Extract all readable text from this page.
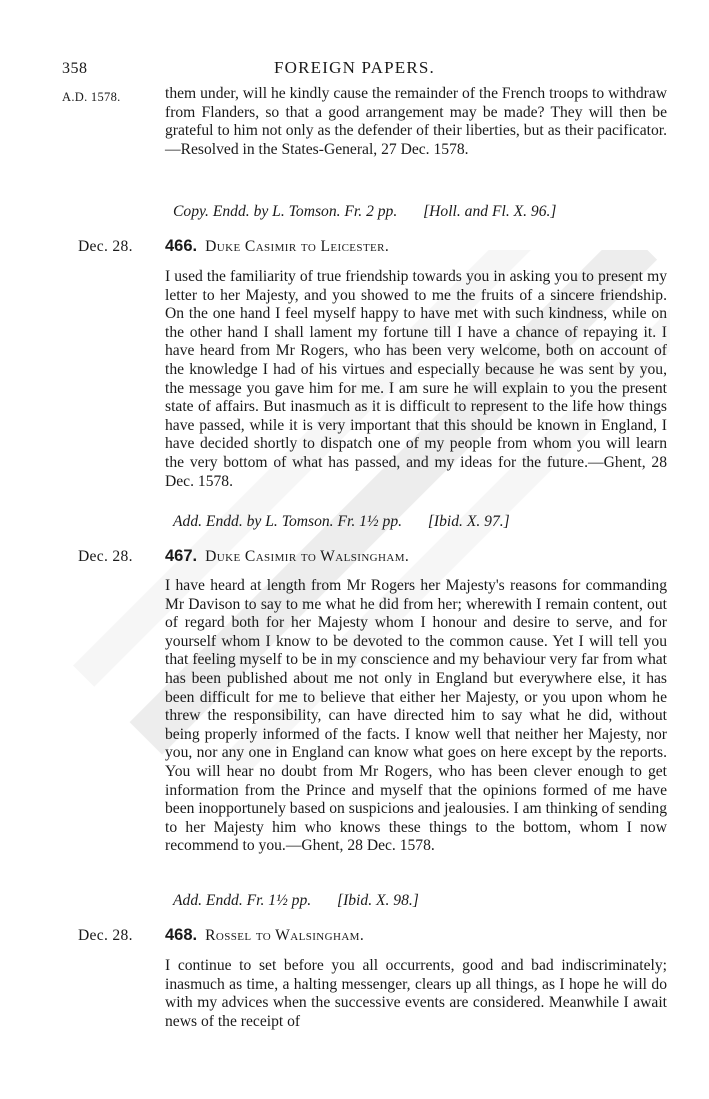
358	FOREIGN PAPERS.
A.D. 1578.	them under, will he kindly cause the remainder of the French troops to withdraw from Flanders, so that a good arrangement may be made? They will then be grateful to him not only as the defender of their liberties, but as their pacificator.—Resolved in the States-General, 27 Dec. 1578.
Copy. Endd. by L. Tomson. Fr. 2 pp. [Holl. and Fl. X. 96.]
Dec. 28. 466. Duke Casimir to Leicester.
I used the familiarity of true friendship towards you in asking you to present my letter to her Majesty, and you showed to me the fruits of a sincere friendship. On the one hand I feel myself happy to have met with such kindness, while on the other hand I shall lament my fortune till I have a chance of repaying it. I have heard from Mr Rogers, who has been very welcome, both on account of the knowledge I had of his virtues and especially because he was sent by you, the message you gave him for me. I am sure he will explain to you the present state of affairs. But inasmuch as it is difficult to represent to the life how things have passed, while it is very important that this should be known in England, I have decided shortly to dispatch one of my people from whom you will learn the very bottom of what has passed, and my ideas for the future.—Ghent, 28 Dec. 1578.
Add. Endd. by L. Tomson. Fr. 1½ pp. [Ibid. X. 97.]
Dec. 28. 467. Duke Casimir to Walsingham.
I have heard at length from Mr Rogers her Majesty's reasons for commanding Mr Davison to say to me what he did from her; wherewith I remain content, out of regard both for her Majesty whom I honour and desire to serve, and for yourself whom I know to be devoted to the common cause. Yet I will tell you that feeling myself to be in my conscience and my behaviour very far from what has been published about me not only in England but everywhere else, it has been difficult for me to believe that either her Majesty, or you upon whom he threw the responsibility, can have directed him to say what he did, without being properly informed of the facts. I know well that neither her Majesty, nor you, nor any one in England can know what goes on here except by the reports. You will hear no doubt from Mr Rogers, who has been clever enough to get information from the Prince and myself that the opinions formed of me have been inopportunely based on suspicions and jealousies. I am thinking of sending to her Majesty him who knows these things to the bottom, whom I now recommend to you.—Ghent, 28 Dec. 1578.
Add. Endd. Fr. 1½ pp. [Ibid. X. 98.]
Dec. 28. 468. Rossel to Walsingham.
I continue to set before you all occurrents, good and bad indiscriminately; inasmuch as time, a halting messenger, clears up all things, as I hope he will do with my advices when the successive events are considered. Meanwhile I await news of the receipt of
